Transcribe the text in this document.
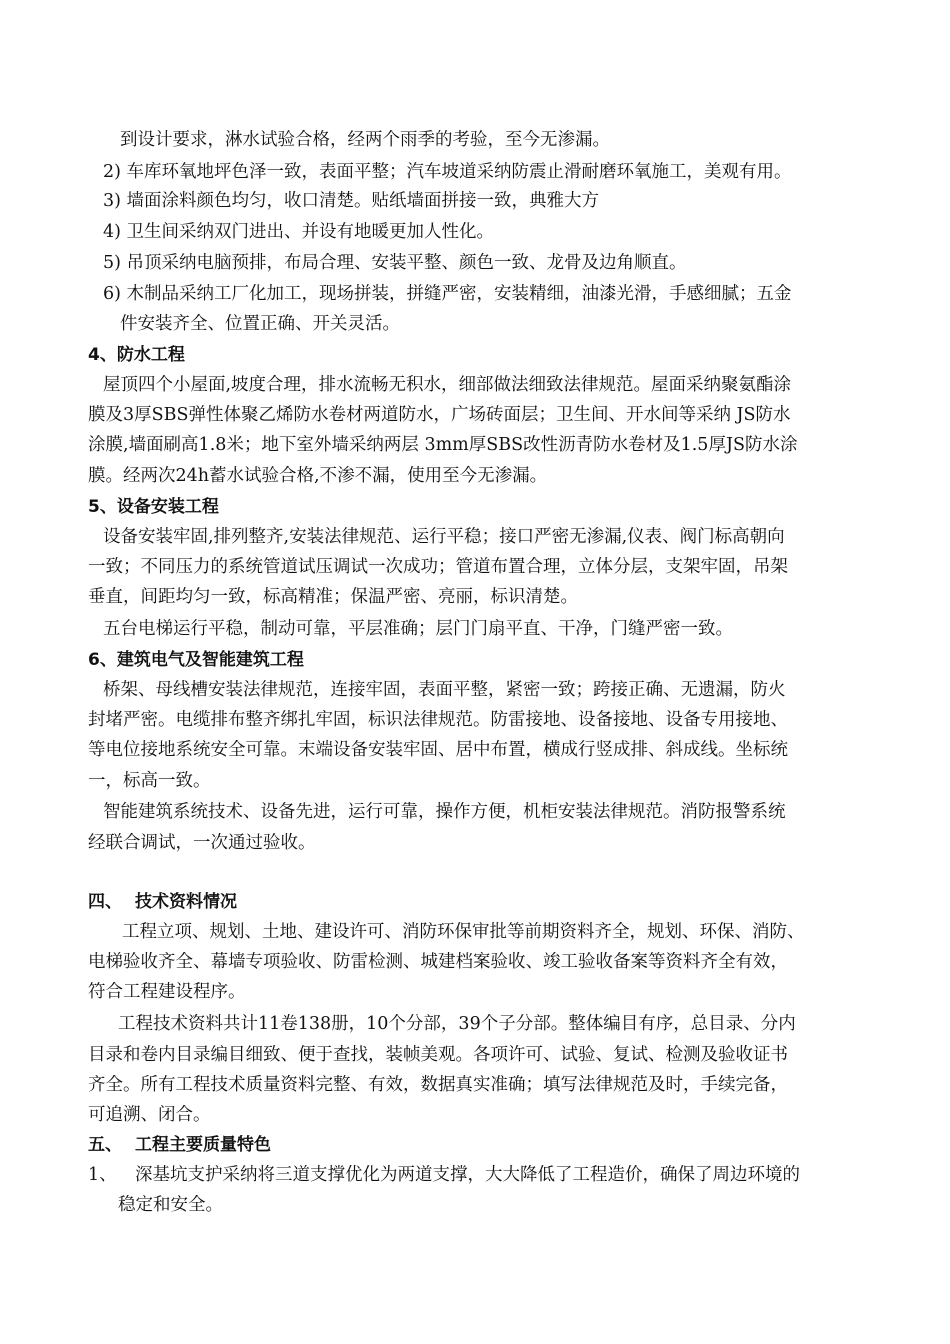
到设计要求，淋水试验合格，经两个雨季的考验，至今无渗漏。
2) 车库环氧地坪色泽一致，表面平整；汽车坡道采纳防震止滑耐磨环氧施工，美观有用。
3) 墙面涂料颜色均匀，收口清楚。贴纸墙面拼接一致，典雅大方
4) 卫生间采纳双门进出、并设有地暖更加人性化。
5) 吊顶采纳电脑预排，布局合理、安装平整、颜色一致、龙骨及边角顺直。
6) 木制品采纳工厂化加工，现场拼装，拼缝严密，安装精细，油漆光滑，手感细腻；五金
件安装齐全、位置正确、开关灵活。
4、防水工程
屋顶四个小屋面,坡度合理，排水流畅无积水，细部做法细致法律规范。屋面采纳聚氨酯涂
膜及3厚SBS弹性体聚乙烯防水卷材两道防水，广场砖面层；卫生间、开水间等采纳 JS防水
涂膜,墙面刷高1.8米；地下室外墙采纳两层 3mm厚SBS改性沥青防水卷材及1.5厚JS防水涂
膜。经两次24h蓄水试验合格,不渗不漏，使用至今无渗漏。
5、设备安装工程
设备安装牢固,排列整齐,安装法律规范、运行平稳；接口严密无渗漏,仪表、阀门标高朝向
一致；不同压力的系统管道试压调试一次成功；管道布置合理，立体分层，支架牢固，吊架
垂直，间距均匀一致，标高精准；保温严密、亮丽，标识清楚。
五台电梯运行平稳，制动可靠，平层准确；层门门扇平直、干净，门缝严密一致。
6、建筑电气及智能建筑工程
桥架、母线槽安装法律规范，连接牢固，表面平整，紧密一致；跨接正确、无遗漏，防火
封堵严密。电缆排布整齐绑扎牢固，标识法律规范。防雷接地、设备接地、设备专用接地、
等电位接地系统安全可靠。末端设备安装牢固、居中布置，横成行竖成排、斜成线。坐标统
一，标高一致。
智能建筑系统技术、设备先进，运行可靠，操作方便，机柜安装法律规范。消防报警系统
经联合调试，一次通过验收。
四、 技术资料情况
工程立项、规划、土地、建设许可、消防环保审批等前期资料齐全，规划、环保、消防、
电梯验收齐全、幕墙专项验收、防雷检测、城建档案验收、竣工验收备案等资料齐全有效，
符合工程建设程序。
工程技术资料共计11卷138册，10个分部，39个子分部。整体编目有序，总目录、分内
目录和卷内目录编目细致、便于查找，装帧美观。各项许可、试验、复试、检测及验收证书
齐全。所有工程技术质量资料完整、有效，数据真实准确；填写法律规范及时，手续完备，
可追溯、闭合。
五、 工程主要质量特色
1、 深基坑支护采纳将三道支撑优化为两道支撑，大大降低了工程造价，确保了周边环境的
稳定和安全。
